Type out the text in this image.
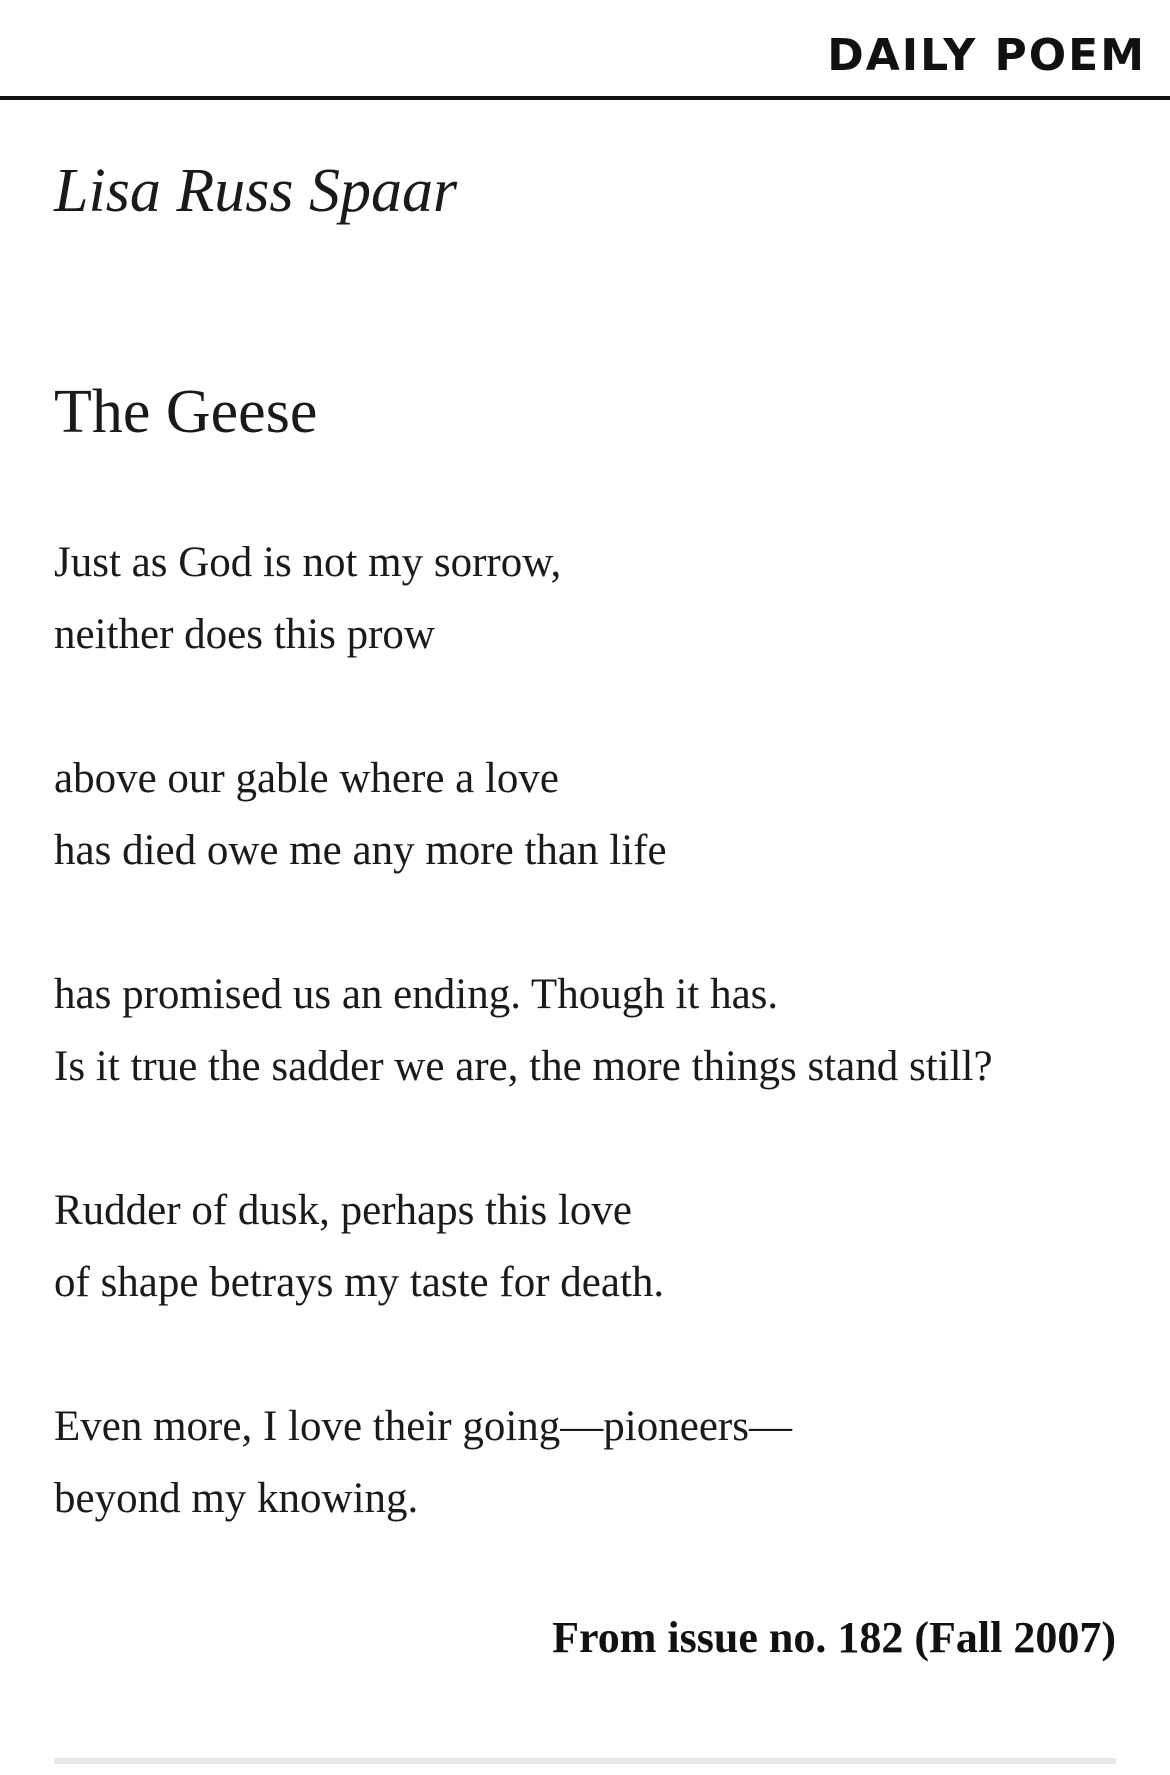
DAILY POEM
Lisa Russ Spaar
The Geese
Just as God is not my sorrow,
neither does this prow
above our gable where a love
has died owe me any more than life
has promised us an ending. Though it has.
Is it true the sadder we are, the more things stand still?
Rudder of dusk, perhaps this love
of shape betrays my taste for death.
Even more, I love their going—pioneers—
beyond my knowing.
From issue no. 182 (Fall 2007)
